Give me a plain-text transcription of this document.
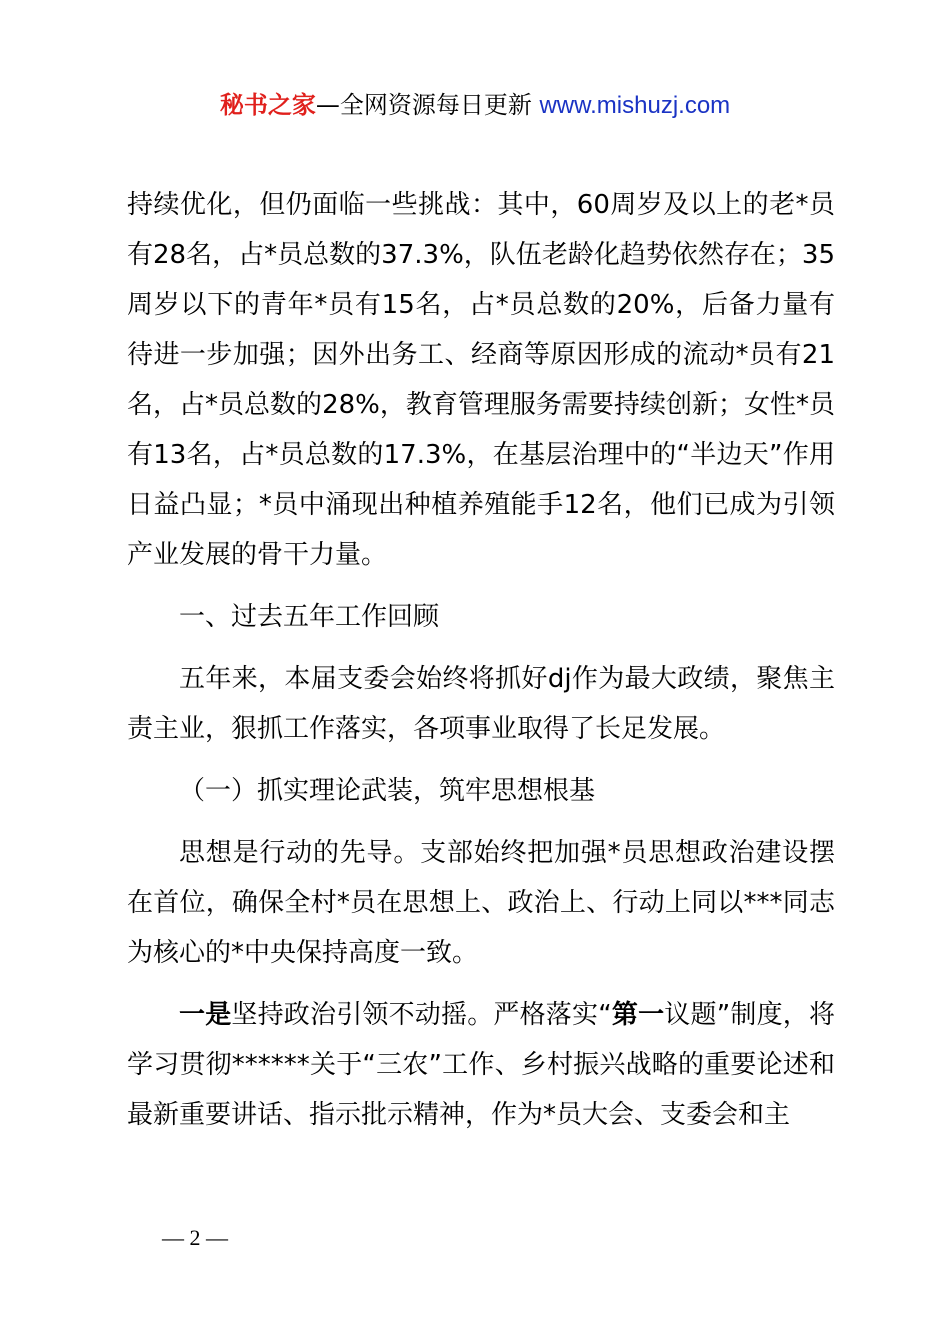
秘书之家—全网资源每日更新 www.mishuzj.com

持续优化，但仍面临一些挑战：其中，60周岁及以上的老*员有28名，占*员总数的37.3%，队伍老龄化趋势依然存在；35周岁以下的青年*员有15名，占*员总数的20%，后备力量有待进一步加强；因外出务工、经商等原因形成的流动*员有21名，占*员总数的28%，教育管理服务需要持续创新；女性*员有13名，占*员总数的17.3%，在基层治理中的“半边天”作用日益凸显；*员中涌现出种植养殖能手12名，他们已成为引领产业发展的骨干力量。

一、过去五年工作回顾

五年来，本届支委会始终将抓好dj作为最大政绩，聚焦主责主业，狠抓工作落实，各项事业取得了长足发展。

（一）抓实理论武装，筑牢思想根基

思想是行动的先导。支部始终把加强*员思想政治建设摆在首位，确保全村*员在思想上、政治上、行动上同以***同志为核心的*中央保持高度一致。

一是坚持政治引领不动摇。严格落实“第一议题”制度，将学习贯彻******关于“三农”工作、乡村振兴战略的重要论述和最新重要讲话、指示批示精神，作为*员大会、支委会和主

— 2 —
